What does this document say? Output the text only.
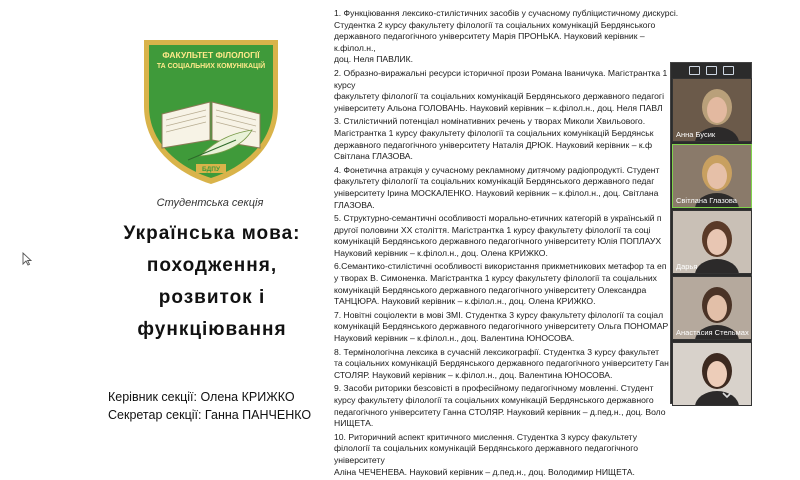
ФАКУЛЬТЕТ ФІЛОЛОГІЇ
ТА СОЦІАЛЬНИХ КОМУНІКАЦІЙ
БДПУ
Студентська секція
Українська мова:
походження,
розвиток і
функціювання
Керівник секції: Олена КРИЖКО
Секретар секції: Ганна ПАНЧЕНКО

1. Функціювання лексико-стилістичних засобів у сучасному публіцистичному дискурсі.
Студентка 2 курсу факультету філології та соціальних комунікацій Бердянського
державного педагогічного університету Марія ПРОНЬКА. Науковий керівник – к.філол.н.,
доц. Неля ПАВЛИК.

2. Образно-виражальні ресурси історичної прози Романа Іваничука. Магістрантка 1 курсу
факультету філології та соціальних комунікацій Бердянського державного педагогі
університету Альона ГОЛОВАНЬ. Науковий керівник – к.філол.н., доц. Неля ПАВЛ

3. Стилістичний потенціал номінативних речень у творах Миколи Хвильового.
Магістрантка 1 курсу факультету філології та соціальних комунікацій Бердянськ
державного педагогічного університету Наталія ДРЮК. Науковий керівник – к.ф
Світлана ГЛАЗОВА.

4. Фонетична атракція у сучасному рекламному дитячому радіопродукті. Студент
факультету філології та соціальних комунікацій Бердянського державного педаг
університету Ірина МОСКАЛЕНКО. Науковий керівник – к.філол.н., доц. Світлана
ГЛАЗОВА.

5. Структурно-семантичні особливості морально-етичних категорій в українській п
другої половини ХХ століття. Магістрантка 1 курсу факультету філології та соці
комунікацій Бердянського державного педагогічного університету Юлія ПОПЛАУХ
Науковий керівник – к.філол.н., доц. Олена КРИЖКО.

6.Семантико-стилістичні особливості використання прикметникових метафор та еп
у творах В. Симоненка. Магістрантка 1 курсу факультету філології та соціальних
комунікацій Бердянського державного педагогічного університету Олександра
ТАНЦЮРА. Науковий керівник – к.філол.н., доц. Олена КРИЖКО.

7. Новітні соціолекти в мові ЗМІ. Студентка 3 курсу факультету філології та соціал
комунікацій Бердянського державного педагогічного університету Ольга ПОНОМАР
Науковий керівник – к.філол.н., доц. Валентина ЮНОСОВА.

8. Термінологічна лексика в сучасній лексикографії. Студентка 3 курсу факультет
та соціальних комунікацій Бердянського державного педагогічного університету Ган
СТОЛЯР. Науковий керівник – к.філол.н., доц. Валентина ЮНОСОВА.

9. Засоби риторики безсовісті в професійному педагогічному мовленні. Студент
курсу факультету філології та соціальних комунікацій Бердянського державного
педагогічного університету Ганна СТОЛЯР. Науковий керівник – д.пед.н., доц. Воло
НИЩЕТА.

10. Риторичний аспект критичного мислення. Студентка 3 курсу факультету
філології та соціальних комунікацій Бердянського державного педагогічного університету
Аліна ЧЕЧЕНЕВА. Науковий керівник – д.пед.н., доц. Володимир НИЩЕТА.

Анна Бусик
Світлана Глазова
Дарья
Анастасия Стельмах
